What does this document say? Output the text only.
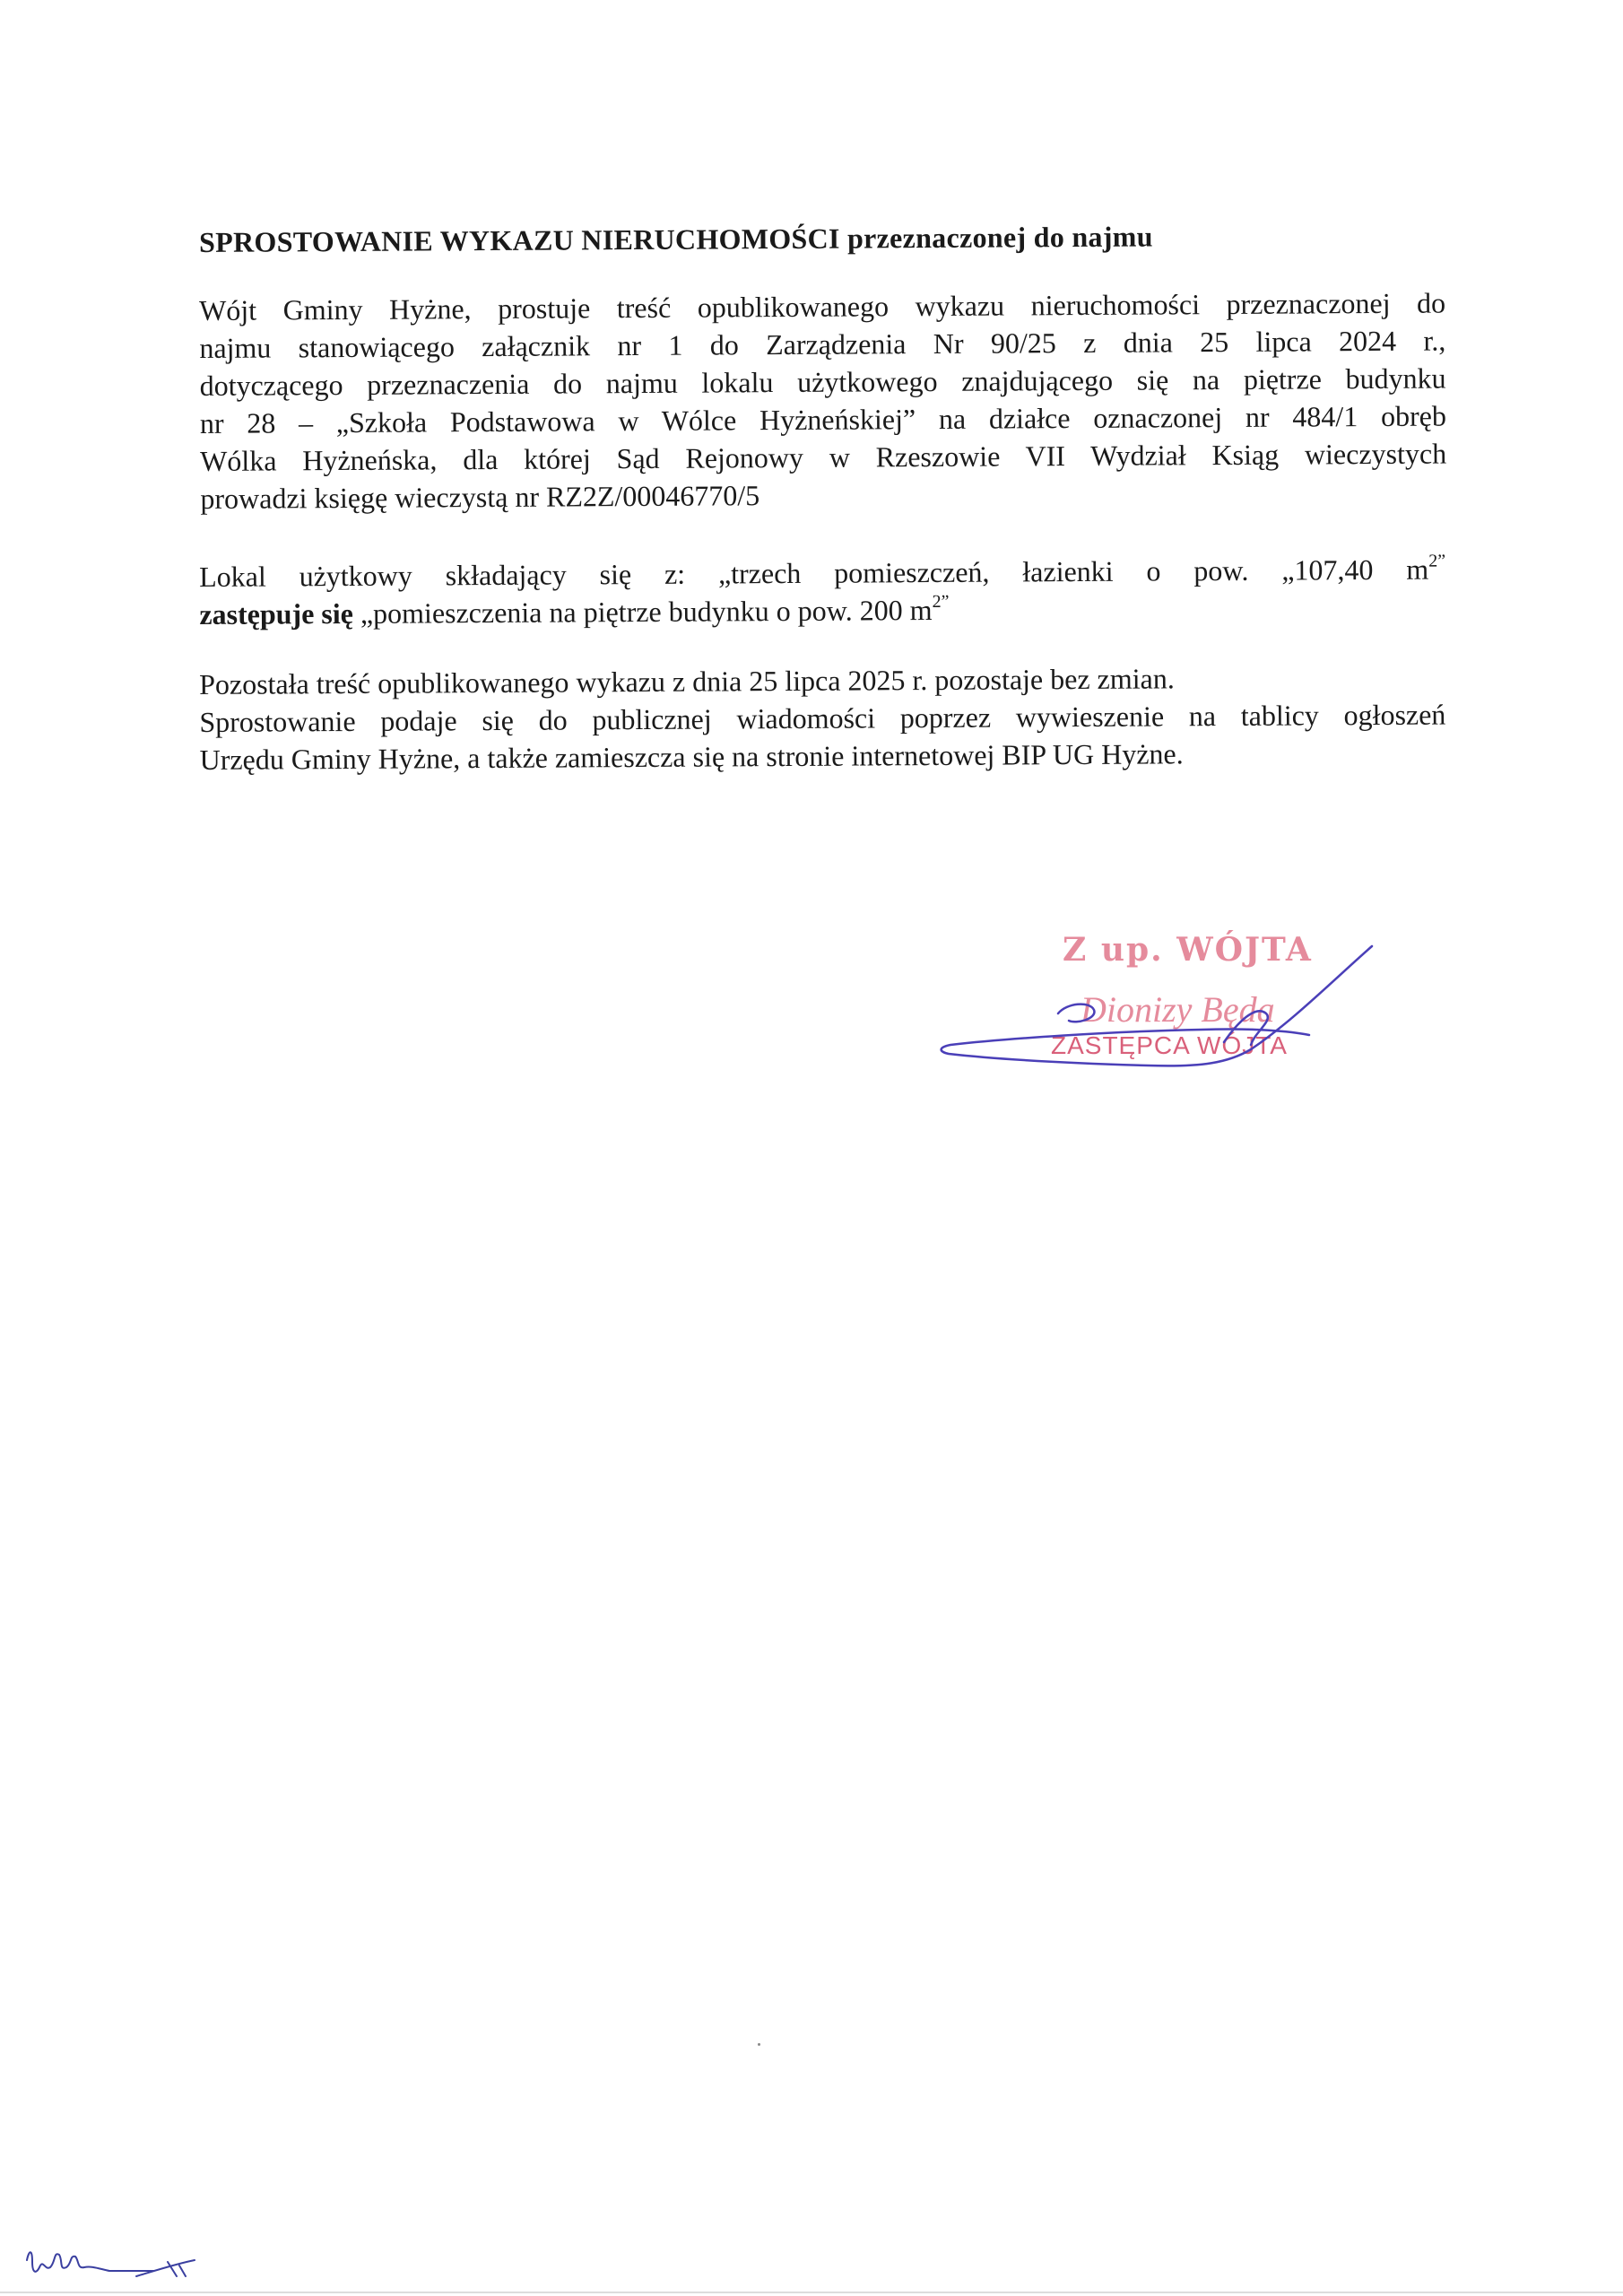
SPROSTOWANIE WYKAZU NIERUCHOMOŚCI przeznaczonej do najmu
Wójt Gminy Hyżne, prostuje treść opublikowanego wykazu nieruchomości przeznaczonej do
najmu stanowiącego załącznik nr 1 do Zarządzenia Nr 90/25 z dnia 25 lipca 2024 r.,
dotyczącego przeznaczenia do najmu lokalu użytkowego znajdującego się na piętrze budynku
nr 28 – „Szkoła Podstawowa w Wólce Hyżneńskiej” na działce oznaczonej nr 484/1 obręb
Wólka Hyżneńska, dla której Sąd Rejonowy w Rzeszowie VII Wydział Ksiąg wieczystych
prowadzi księgę wieczystą nr RZ2Z/00046770/5
Lokal użytkowy składający się z: „trzech pomieszczeń, łazienki o pow. „107,40 $m^{2”}$
zastępuje się „pomieszczenia na piętrze budynku o pow. 200 $m^{2”}$
Pozostała treść opublikowanego wykazu z dnia 25 lipca 2025 r. pozostaje bez zmian.
Sprostowanie podaje się do publicznej wiadomości poprzez wywieszenie na tablicy ogłoszeń
Urzędu Gminy Hyżne, a także zamieszcza się na stronie internetowej BIP UG Hyżne.
Z up. WÓJTA
Dionizy Będa
ZASTĘPCA WÓJTA
